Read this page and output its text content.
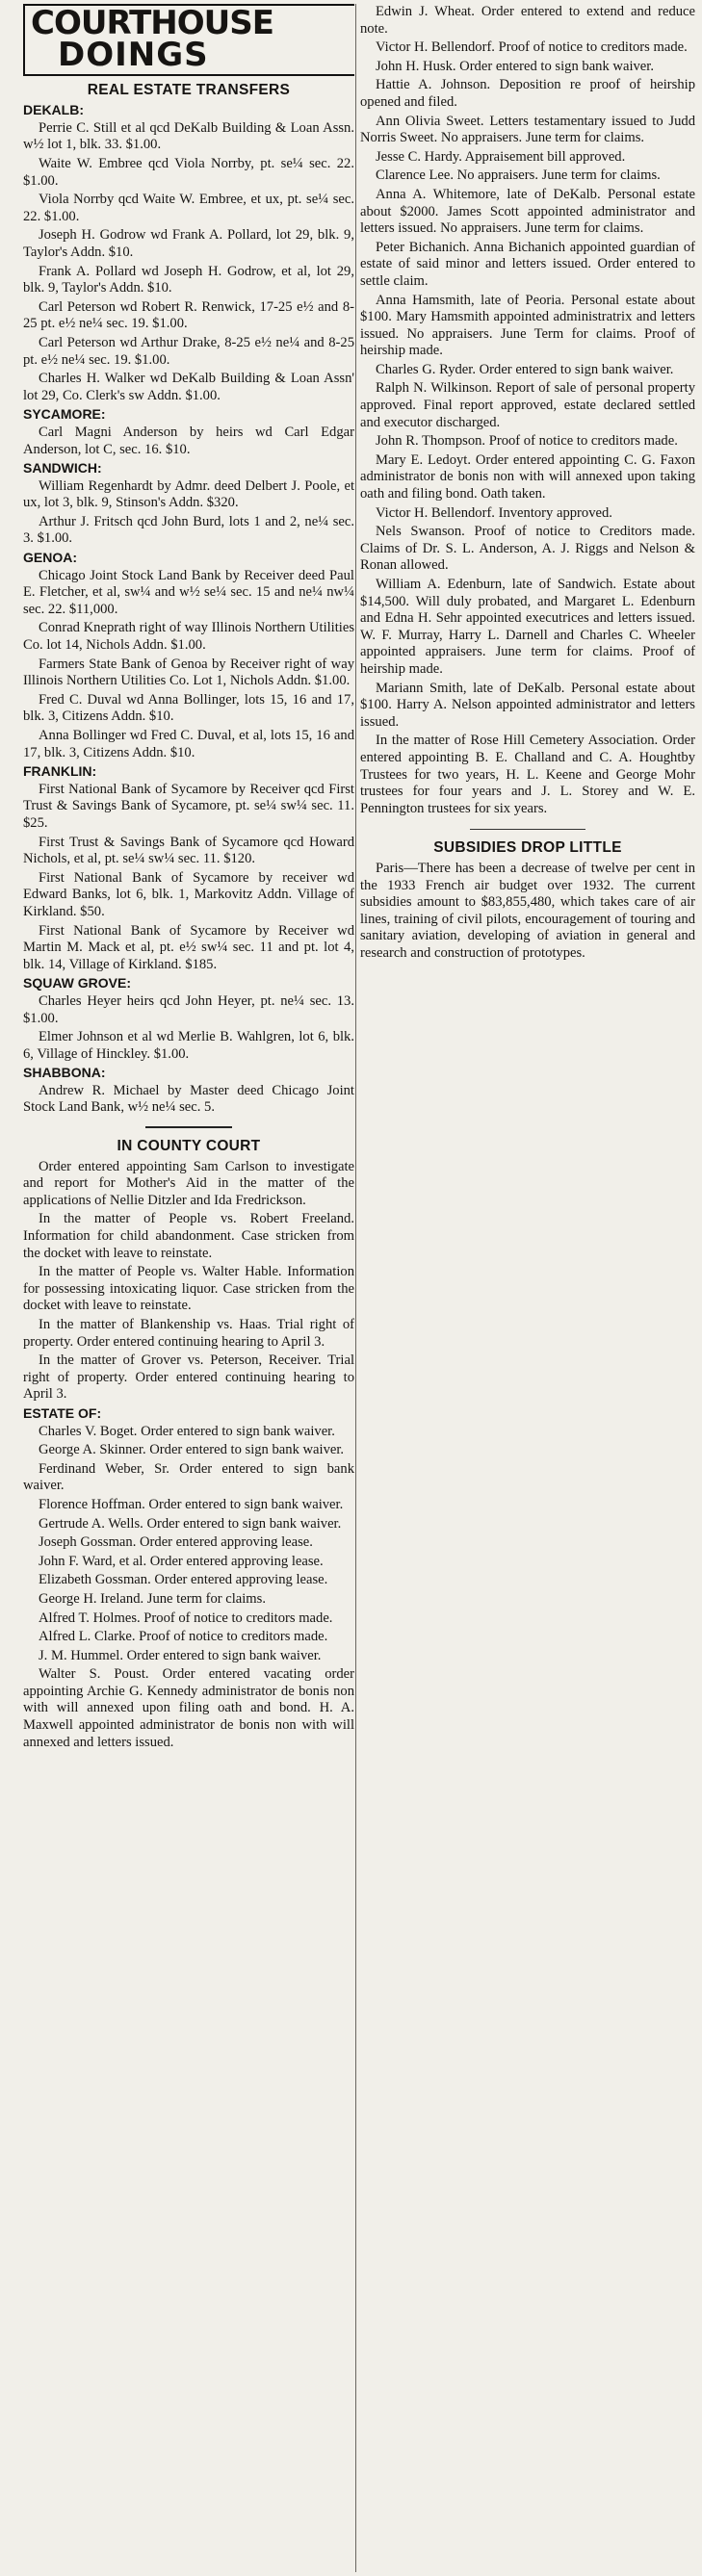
COURTHOUSE
DOINGS
REAL ESTATE TRANSFERS
DEKALB:

Perrie C. Still et al qcd DeKalb Building & Loan Assn. w½ lot 1, blk. 33. $1.00.

Waite W. Embree qcd Viola Norrby, pt. se¼ sec. 22. $1.00.

Viola Norrby qcd Waite W. Embree, et ux, pt. se¼ sec. 22. $1.00.

Joseph H. Godrow wd Frank A. Pollard, lot 29, blk. 9, Taylor's Addn. $10.

Frank A. Pollard wd Joseph H. Godrow, et al, lot 29, blk. 9, Taylor's Addn. $10.

Carl Peterson wd Robert R. Renwick, 17-25 e½ and 8-25 pt. e½ ne¼ sec. 19. $1.00.

Carl Peterson wd Arthur Drake, 8-25 e½ ne¼ and 8-25 pt. e½ ne¼ sec. 19. $1.00.

Charles H. Walker wd DeKalb Building & Loan Assn' lot 29, Co. Clerk's sw Addn. $1.00.

SYCAMORE:

Carl Magni Anderson by heirs wd Carl Edgar Anderson, lot C, sec. 16. $10.

SANDWICH:

William Regenhardt by Admr. deed Delbert J. Poole, et ux, lot 3, blk. 9, Stinson's Addn. $320.

Arthur J. Fritsch qcd John Burd, lots 1 and 2, ne¼ sec. 3. $1.00.

GENOA:

Chicago Joint Stock Land Bank by Receiver deed Paul E. Fletcher, et al, sw¼ and w½ se¼ sec. 15 and ne¼ nw¼ sec. 22. $11,000.

Conrad Kneprath right of way Illinois Northern Utilities Co. lot 14, Nichols Addn. $1.00.

Farmers State Bank of Genoa by Receiver right of way Illinois Northern Utilities Co. Lot 1, Nichols Addn. $1.00.

Fred C. Duval wd Anna Bollinger, lots 15, 16 and 17, blk. 3, Citizens Addn. $10.

Anna Bollinger wd Fred C. Duval, et al, lots 15, 16 and 17, blk. 3, Citizens Addn. $10.

FRANKLIN:

First National Bank of Sycamore by Receiver qcd First Trust & Savings Bank of Sycamore, pt. se¼ sw¼ sec. 11. $25.

First Trust & Savings Bank of Sycamore qcd Howard Nichols, et al, pt. se¼ sw¼ sec. 11. $120.

First National Bank of Sycamore by receiver wd Edward Banks, lot 6, blk. 1, Markovitz Addn. Village of Kirkland. $50.

First National Bank of Sycamore by Receiver wd Martin M. Mack et al, pt. e½ sw¼ sec. 11 and pt. lot 4, blk. 14, Village of Kirkland. $185.

SQUAW GROVE:

Charles Heyer heirs qcd John Heyer, pt. ne¼ sec. 13. $1.00.

Elmer Johnson et al wd Merlie B. Wahlgren, lot 6, blk. 6, Village of Hinckley. $1.00.

SHABBONA:

Andrew R. Michael by Master deed Chicago Joint Stock Land Bank, w½ ne¼ sec. 5.

IN COUNTY COURT

Order entered appointing Sam Carlson to investigate and report for Mother's Aid in the matter of the applications of Nellie Ditzler and Ida Fredrickson.

In the matter of People vs. Robert Freeland. Information for child abandonment. Case stricken from the docket with leave to reinstate.

In the matter of People vs. Walter Hable. Information for possessing intoxicating liquor. Case stricken from the docket with leave to reinstate.

In the matter of Blankenship vs. Haas. Trial right of property. Order entered continuing hearing to April 3.

In the matter of Grover vs. Peterson, Receiver. Trial right of property. Order entered continuing hearing to April 3.

ESTATE OF:

Charles V. Boget. Order entered to sign bank waiver.

George A. Skinner. Order entered to sign bank waiver.

Ferdinand Weber, Sr. Order entered to sign bank waiver.

Florence Hoffman. Order entered to sign bank waiver.

Gertrude A. Wells. Order entered to sign bank waiver.

Joseph Gossman. Order entered approving lease.

John F. Ward, et al. Order entered approving lease.

Elizabeth Gossman. Order entered approving lease.

George H. Ireland. June term for claims.

Alfred T. Holmes. Proof of notice to creditors made.

Alfred L. Clarke. Proof of notice to creditors made.

J. M. Hummel. Order entered to sign bank waiver.

Walter S. Poust. Order entered vacating order appointing Archie G. Kennedy administrator de bonis non with will annexed upon filing oath and bond. H. A. Maxwell appointed administrator de bonis non with will annexed and letters issued.

Edwin J. Wheat. Order entered to extend and reduce note.

Victor H. Bellendorf. Proof of notice to creditors made.

John H. Husk. Order entered to sign bank waiver.

Hattie A. Johnson. Deposition re proof of heirship opened and filed.

Ann Olivia Sweet. Letters testamentary issued to Judd Norris Sweet. No appraisers. June term for claims.

Jesse C. Hardy. Appraisement bill approved.

Clarence Lee. No appraisers. June term for claims.

Anna A. Whitemore, late of DeKalb. Personal estate about $2000. James Scott appointed administrator and letters issued. No appraisers. June term for claims.

Peter Bichanich. Anna Bichanich appointed guardian of estate of said minor and letters issued. Order entered to settle claim.

Anna Hamsmith, late of Peoria. Personal estate about $100. Mary Hamsmith appointed administratrix and letters issued. No appraisers. June Term for claims. Proof of heirship made.

Charles G. Ryder. Order entered to sign bank waiver.

Ralph N. Wilkinson. Report of sale of personal property approved. Final report approved, estate declared settled and executor discharged.

John R. Thompson. Proof of notice to creditors made.

Mary E. Ledoyt. Order entered appointing C. G. Faxon administrator de bonis non with will annexed upon taking oath and filing bond. Oath taken.

Victor H. Bellendorf. Inventory approved.

Nels Swanson. Proof of notice to Creditors made. Claims of Dr. S. L. Anderson, A. J. Riggs and Nelson & Ronan allowed.

William A. Edenburn, late of Sandwich. Estate about $14,500. Will duly probated, and Margaret L. Edenburn and Edna H. Sehr appointed executrices and letters issued. W. F. Murray, Harry L. Darnell and Charles C. Wheeler appointed appraisers. June term for claims. Proof of heirship made.

Mariann Smith, late of DeKalb. Personal estate about $100. Harry A. Nelson appointed administrator and letters issued.

In the matter of Rose Hill Cemetery Association. Order entered appointing B. E. Challand and C. A. Houghtby Trustees for two years, H. L. Keene and George Mohr trustees for four years and J. L. Storey and W. E. Pennington trustees for six years.

SUBSIDIES DROP LITTLE

Paris—There has been a decrease of twelve per cent in the 1933 French air budget over 1932. The current subsidies amount to $83,855,480, which takes care of air lines, training of civil pilots, encouragement of touring and sanitary aviation, developing of aviation in general and research and construction of prototypes.
